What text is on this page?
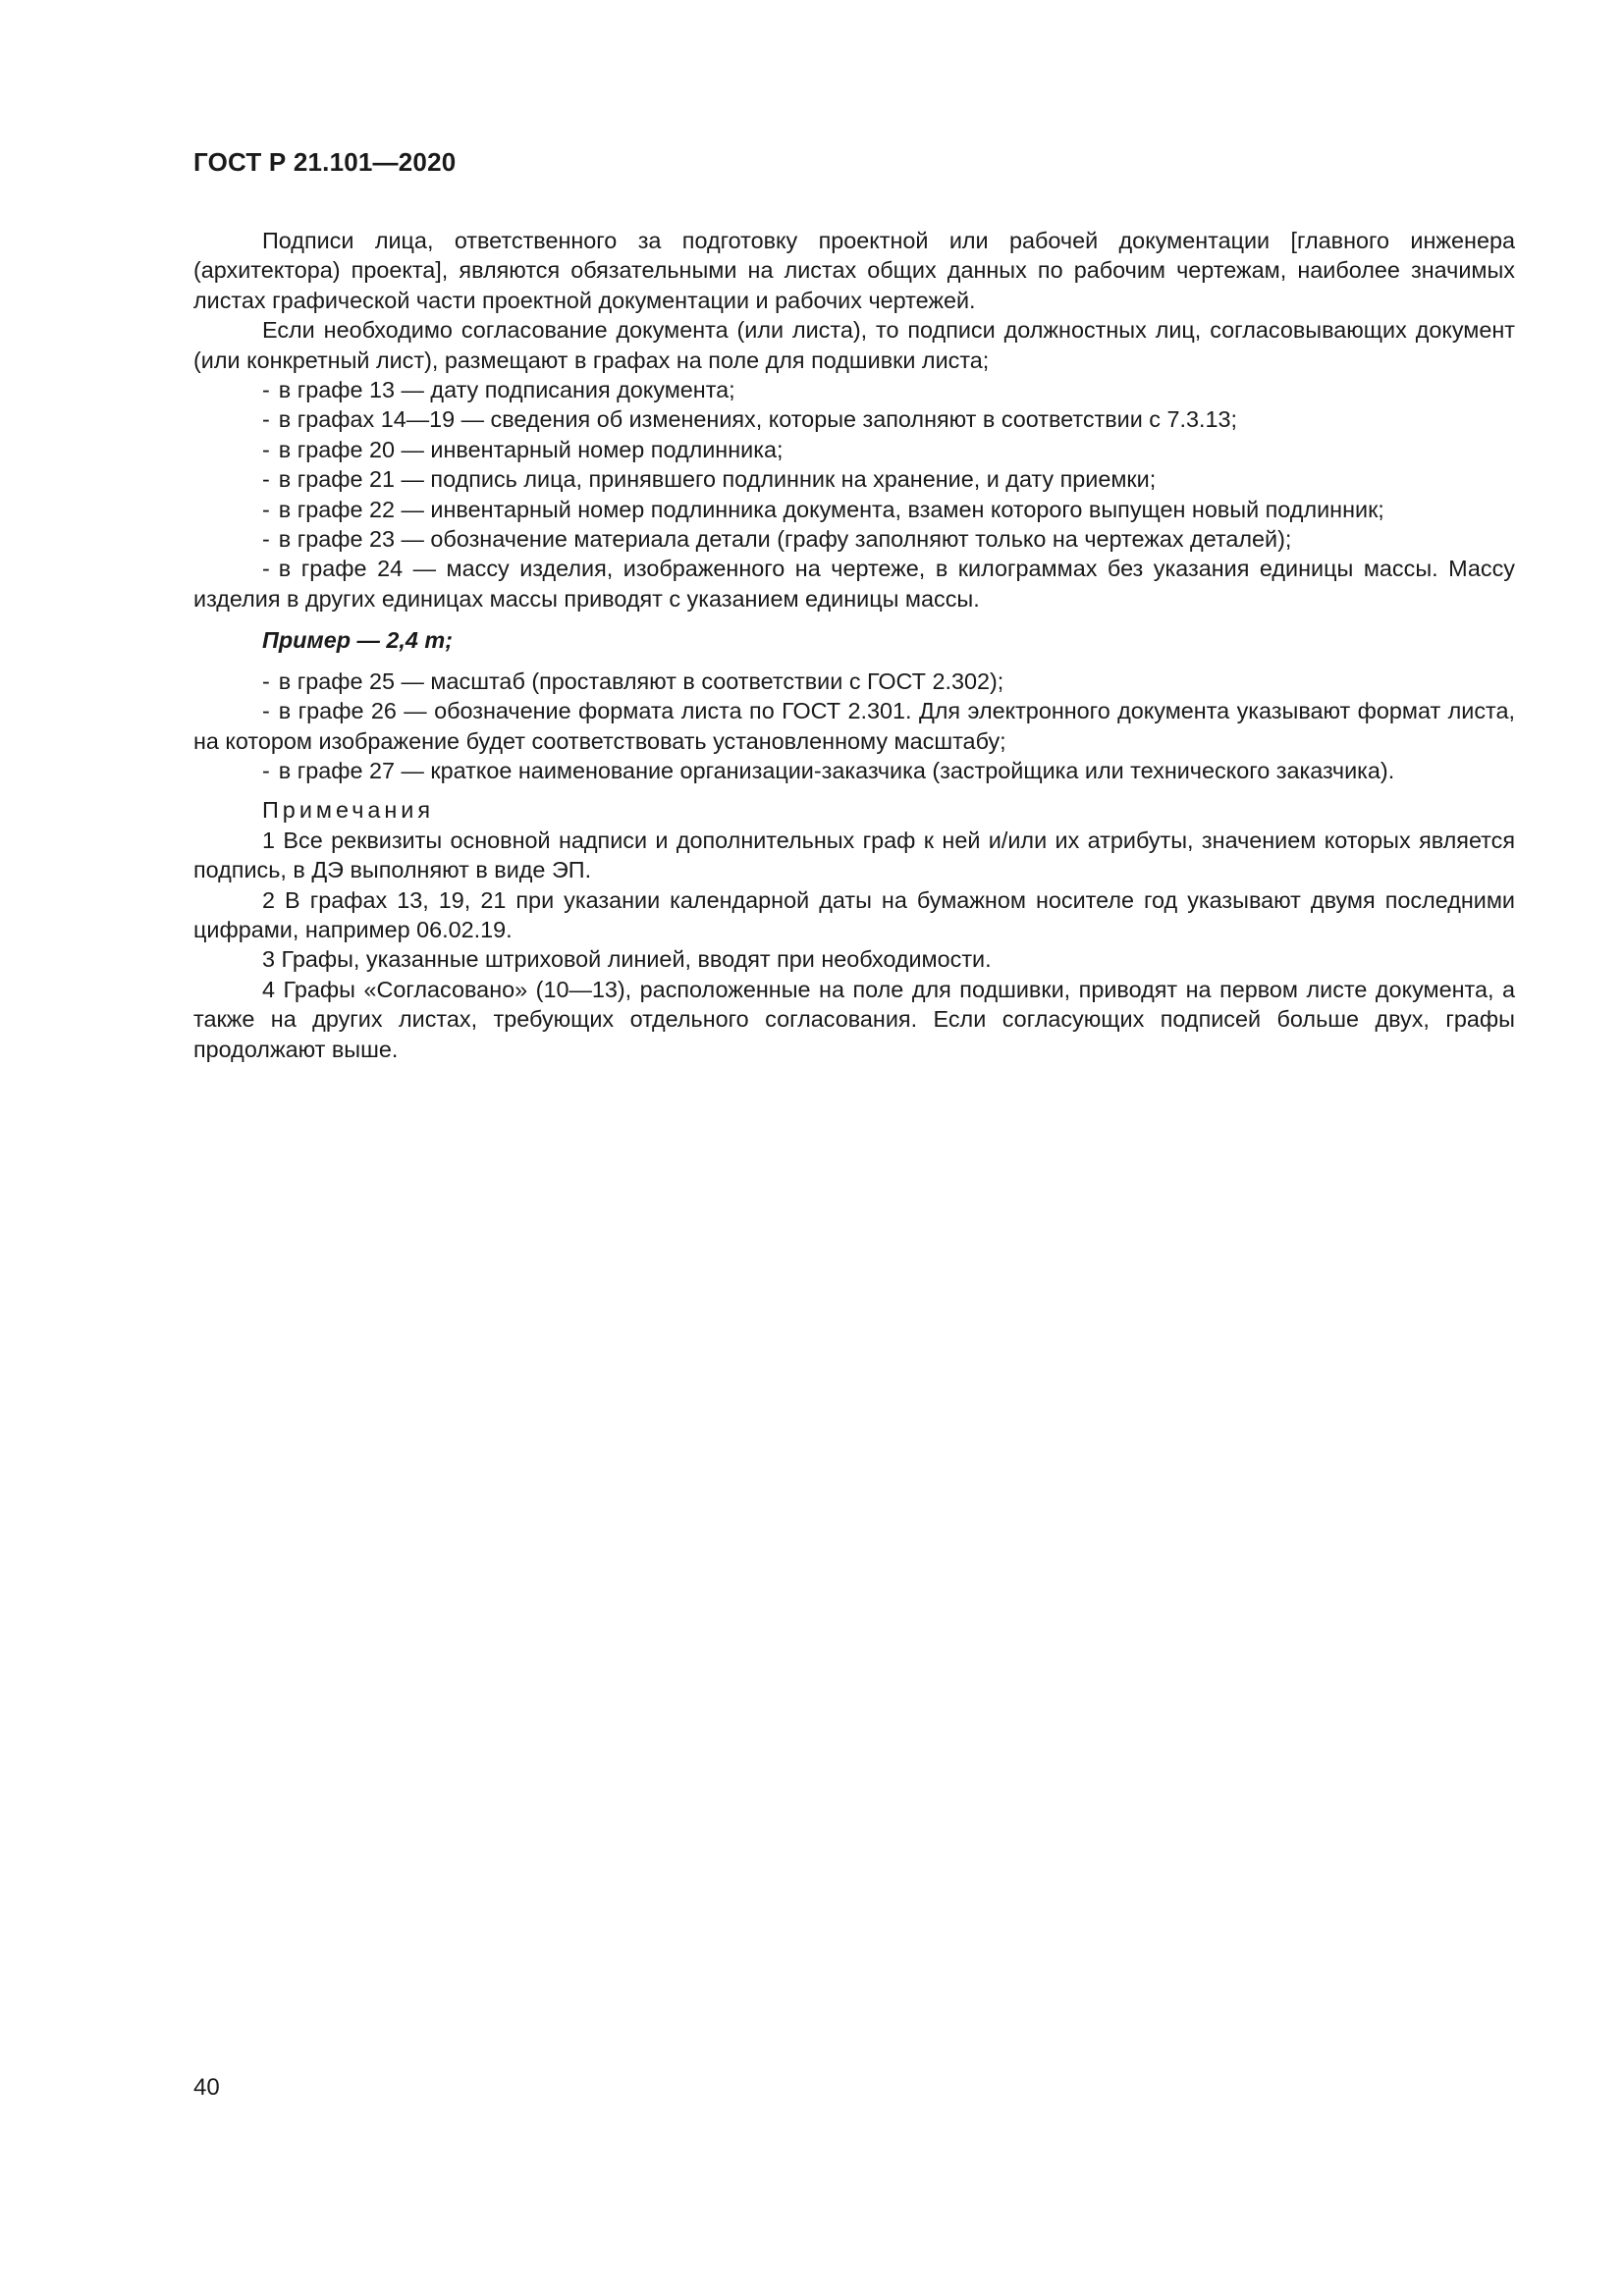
ГОСТ Р 21.101—2020

Подписи лица, ответственного за подготовку проектной или рабочей документации [главного инженера (архитектора) проекта], являются обязательными на листах общих данных по рабочим чертежам, наиболее значимых листах графической части проектной документации и рабочих чертежей.

Если необходимо согласование документа (или листа), то подписи должностных лиц, согласовывающих документ (или конкретный лист), размещают в графах на поле для подшивки листа;

- в графе 13 — дату подписания документа;

- в графах 14—19 — сведения об изменениях, которые заполняют в соответствии с 7.3.13;

- в графе 20 — инвентарный номер подлинника;

- в графе 21 — подпись лица, принявшего подлинник на хранение, и дату приемки;

- в графе 22 — инвентарный номер подлинника документа, взамен которого выпущен новый подлинник;

- в графе 23 — обозначение материала детали (графу заполняют только на чертежах деталей);

- в графе 24 — массу изделия, изображенного на чертеже, в килограммах без указания единицы массы. Массу изделия в других единицах массы приводят с указанием единицы массы.

Пример — 2,4 т;

- в графе 25 — масштаб (проставляют в соответствии с ГОСТ 2.302);

- в графе 26 — обозначение формата листа по ГОСТ 2.301. Для электронного документа указывают формат листа, на котором изображение будет соответствовать установленному масштабу;

- в графе 27 — краткое наименование организации-заказчика (застройщика или технического заказчика).

Примечания

1 Все реквизиты основной надписи и дополнительных граф к ней и/или их атрибуты, значением которых является подпись, в ДЭ выполняют в виде ЭП.

2 В графах 13, 19, 21 при указании календарной даты на бумажном носителе год указывают двумя последними цифрами, например 06.02.19.

3 Графы, указанные штриховой линией, вводят при необходимости.

4 Графы «Согласовано» (10—13), расположенные на поле для подшивки, приводят на первом листе документа, а также на других листах, требующих отдельного согласования. Если согласующих подписей больше двух, графы продолжают выше.

40
